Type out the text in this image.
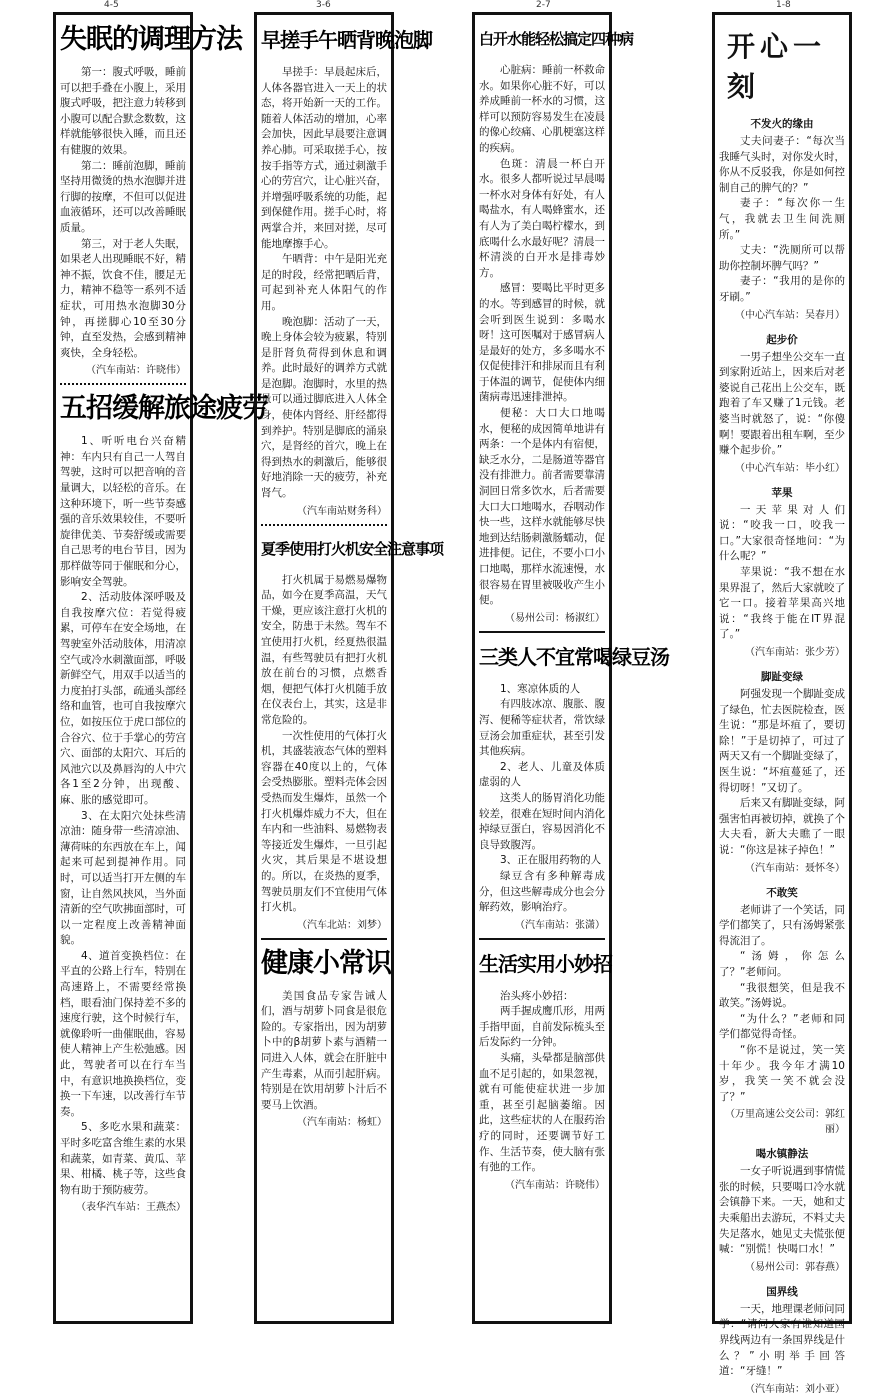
4-5	3-6	2-7	1-8
失眠的调理方法

第一：腹式呼吸，睡前可以把手叠在小腹上，采用腹式呼吸，把注意力转移到小腹可以配合默念数数，这样就能够很快入睡，而且还有健腹的效果。

第二：睡前泡脚，睡前坚持用微烫的热水泡脚并进行脚的按摩，不但可以促进血液循环，还可以改善睡眠质量。

第三，对于老人失眠，如果老人出现睡眠不好，精神不振，饮食不佳，腰足无力，精神不稳等一系列不适症状，可用热水泡脚30分钟，再搓脚心10至30分钟，直至发热，会感到精神爽快，全身轻松。

（汽车南站：许晓伟）
五招缓解旅途疲劳

1、听听电台兴奋精神：车内只有自己一人驾自驾驶，这时可以把音响的音量调大，以轻松的音乐。在这种环境下，听一些节奏感强的音乐效果较佳，不要听旋律优美、节奏舒缓或需要自己思考的电台节目，因为那样做等同于催眠和分心，影响安全驾驶。

2、活动肢体深呼吸及自我按摩穴位：若觉得疲累，可停车在安全场地，在驾驶室外活动肢体，用清凉空气或冷水刺激面部，呼吸新鲜空气，用双手以适当的力度拍打头部，疏通头部经络和血管，也可自我按摩穴位，如按压位于虎口部位的合谷穴、位于手掌心的劳宫穴、面部的太阳穴、耳后的风池穴以及鼻唇沟的人中穴各1至2分钟，出现酸、麻、胀的感觉即可。

3、在太阳穴处抹些清凉油：随身带一些清凉油、薄荷味的东西放在车上，闻起来可起到提神作用。同时，可以适当打开左侧的车窗，让自然风挟风，当外面清新的空气吹拂面部时，可以一定程度上改善精神面貌。

4、道首变换档位：在平直的公路上行车，特别在高速路上，不需要经常换档，眼看油门保持差不多的速度行驶，这个时候行车，就像聆听一曲催眠曲，容易使人精神上产生松弛感。因此，驾驶者可以在行车当中，有意识地换换档位，变换一下车速，以改善行车节奏。

5、多吃水果和蔬菜：平时多吃富含维生素的水果和蔬菜，如青菜、黄瓜、苹果、柑橘、桃子等，这些食物有助于预防疲劳。

（表华汽车站：王燕杰）
早搓手午晒背晚泡脚

早搓手：早晨起床后，人体各器官进入一天上的状态，将开始新一天的工作。随着人体活动的增加，心率会加快，因此早晨要注意调养心肺。可采取搓手心，按按手指等方式，通过刺激手心的劳宫穴，让心脏兴奋，并增强呼吸系统的功能，起到保健作用。搓手心时，将两掌合并，来回对搓，尽可能地摩擦手心。

午晒背：中午是阳光充足的时段，经常把晒后背，可起到补充人体阳气的作用。

晚泡脚：活动了一天，晚上身体会较为疲累，特别是肝肾负荷得到休息和调养。此时最好的调养方式就是泡脚。泡脚时，水里的热量可以通过脚底进入人体全身，使体内肾经、肝经都得到养护。特别是脚底的涌泉穴，是肾经的首穴，晚上在得到热水的刺激后，能够很好地消除一天的疲劳，补充肾气。

（汽车南站财务科）
夏季使用打火机安全注意事项

打火机属于易燃易爆物品，如今在夏季高温，天气干燥，更应该注意打火机的安全，防患于未然。驾车不宜使用打火机，经夏热很温温，有些驾驶员有把打火机放在前台的习惯，点燃香烟，便把气体打火机随手放在仪表台上，其实，这是非常危险的。

一次性使用的气体打火机，其盛装液态气体的塑料容器在40度以上的，气体会受热膨胀。塑料壳体会因受热而发生爆炸，虽然一个打火机爆炸威力不大，但在车内和一些油料、易燃物表等接近发生爆炸，一旦引起火灾，其后果是不堪设想的。所以，在炎热的夏季，驾驶员朋友们不宜使用气体打火机。

（汽车北站：刘梦）
健康小常识

美国食品专家告诫人们，酒与胡萝卜同食是很危险的。专家指出，因为胡萝卜中的β胡萝卜素与酒精一同进入人体，就会在肝脏中产生毒素，从而引起肝病。特别是在饮用胡萝卜汁后不要马上饮酒。

（汽车南站：杨虹）
白开水能轻松搞定四种病

心脏病：睡前一杯救命水。如果你心脏不好，可以养成睡前一杯水的习惯，这样可以预防容易发生在凌晨的像心绞痛、心肌梗塞这样的疾病。

色斑：清晨一杯白开水。很多人都听说过早晨喝一杯水对身体有好处，有人喝盐水，有人喝蜂蜜水，还有人为了美白喝柠檬水，到底喝什么水最好呢？清晨一杯清淡的白开水是排毒妙方。

感冒：要喝比平时更多的水。等到感冒的时候，就会听到医生说到：多喝水呀！这可医嘱对于感冒病人是最好的处方，多多喝水不仅促使排汗和排尿而且有利于体温的调节，促使体内细菌病毒迅速排泄掉。

便秘：大口大口地喝水，便秘的成因简单地讲有两条：一个是体内有宿便，缺乏水分，二是肠道等器官没有排泄力。前者需要靠清洞回日常多饮水，后者需要大口大口地喝水，吞咽动作快一些，这样水就能够尽快地到达结肠刺激肠蠕动，促进排便。记住，不要小口小口地喝，那样水流速慢，水很容易在胃里被吸收产生小便。

（易州公司：杨淑红）
三类人不宜常喝绿豆汤

1、寒凉体质的人

有四肢冰凉、腹胀、腹泻、便稀等症状者，常饮绿豆汤会加重症状，甚至引发其他疾病。

2、老人、儿童及体质虚弱的人

这类人的肠胃消化功能较差，很难在短时间内消化掉绿豆蛋白，容易因消化不良导致腹泻。

3、正在服用药物的人

绿豆含有多种解毒成分，但这些解毒成分也会分解药效，影响治疗。

（汽车南站：张潇）
生活实用小妙招

治头疼小妙招：

两手握成鹰爪形，用两手指甲面，自前发际梳头至后发际约一分钟。

头痛，头晕都是脑部供血不足引起的，如果忽视，就有可能使症状进一步加重，甚至引起脑萎缩。因此，这些症状的人在服药治疗的同时，还要调节好工作、生活节奏，使大脑有张有弛的工作。

（汽车南站：许晓伟）
开心一刻
不发火的缘由

丈夫问妻子：“每次当我睡气头时，对你发火时，你从不反驳我，你是如何控制自己的脾气的？”

妻子：“每次你一生气，我就去卫生间洗厕所。”

丈夫：“洗厕所可以帮助你控制坏脾气吗？”

妻子：“我用的是你的牙刷。”

（中心汽车站：吴春月）
起步价

一男子想坐公交车一直到家附近站上，因来后对老婆说自己花出上公交车，既跑着了车又赚了1元钱。老婆当时就怒了，说：“你傻啊！要跟着出租车啊，至少赚个起步价。”

（中心汽车站：毕小红）
苹果

一天苹果对人们说：“咬我一口，咬我一口。”大家很奇怪地问：“为什么呢？”

苹果说：“我不想在水果界混了，然后大家就咬了它一口。接着苹果高兴地说：“我终于能在IT界混了。”

（汽车南站：张少芳）
脚趾变绿

阿强发现一个脚趾变成了绿色，忙去医院检查，医生说：“那是坏疽了，要切除！”于是切掉了，可过了两天又有一个脚趾变绿了，医生说：“坏疽蔓延了，还得切呀！”又切了。

后来又有脚趾变绿，阿强害怕再被切掉，就换了个大夫看，新大夫瞧了一眼说：“你这是袜子掉色！”

（汽车南站：聂怀冬）
不敢笑

老师讲了一个笑话，同学们都笑了，只有汤姆紧张得流泪了。

“汤姆，你怎么了？”老师问。

“我很想笑，但是我不敢笑。”汤姆说。

“为什么？”老师和同学们都觉得奇怪。

“你不是说过，笑一笑十年少。我今年才满10岁，我笑一笑不就会没了？”

（万里高速公交公司：郭红丽）
喝水镇静法

一女子听说遇到事情慌张的时候，只要喝口冷水就会镇静下来。一天，她和丈夫乘船出去游玩，不料丈夫失足落水，她见丈夫慌张便喊：“别慌！快喝口水！”

（易州公司：郭春燕）
国界线

一天，地理课老师问同学：“请问大家有谁知道国界线两边有一条国界线是什么？”小明举手回答道：“牙缝！”

（汽车南站：刘小亚）
